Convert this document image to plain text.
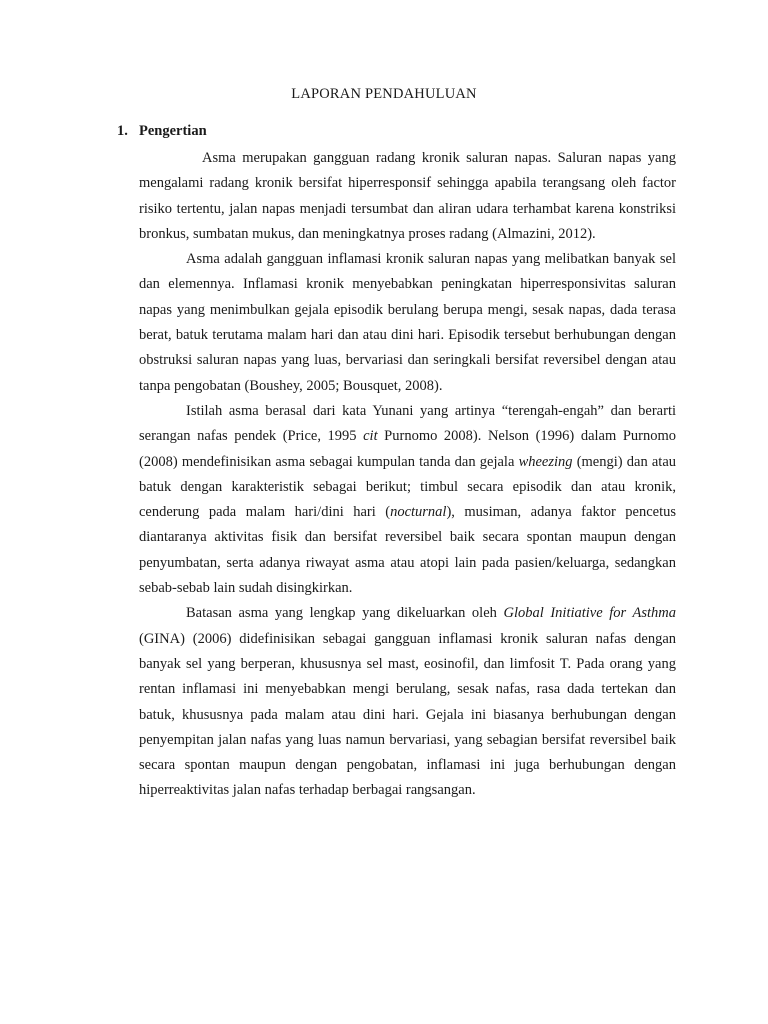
LAPORAN PENDAHULUAN
1. Pengertian

Asma merupakan gangguan radang kronik saluran napas. Saluran napas yang mengalami radang kronik bersifat hiperresponsif sehingga apabila terangsang oleh factor risiko tertentu, jalan napas menjadi tersumbat dan aliran udara terhambat karena konstriksi bronkus, sumbatan mukus, dan meningkatnya proses radang (Almazini, 2012).

Asma adalah gangguan inflamasi kronik saluran napas yang melibatkan banyak sel dan elemennya. Inflamasi kronik menyebabkan peningkatan hiperresponsivitas saluran napas yang menimbulkan gejala episodik berulang berupa mengi, sesak napas, dada terasa berat, batuk terutama malam hari dan atau dini hari. Episodik tersebut berhubungan dengan obstruksi saluran napas yang luas, bervariasi dan seringkali bersifat reversibel dengan atau tanpa pengobatan (Boushey, 2005; Bousquet, 2008).

Istilah asma berasal dari kata Yunani yang artinya “terengah-engah” dan berarti serangan nafas pendek (Price, 1995 cit Purnomo 2008). Nelson (1996) dalam Purnomo (2008) mendefinisikan asma sebagai kumpulan tanda dan gejala wheezing (mengi) dan atau batuk dengan karakteristik sebagai berikut; timbul secara episodik dan atau kronik, cenderung pada malam hari/dini hari (nocturnal), musiman, adanya faktor pencetus diantaranya aktivitas fisik dan bersifat reversibel baik secara spontan maupun dengan penyumbatan, serta adanya riwayat asma atau atopi lain pada pasien/keluarga, sedangkan sebab-sebab lain sudah disingkirkan.

Batasan asma yang lengkap yang dikeluarkan oleh Global Initiative for Asthma (GINA) (2006) didefinisikan sebagai gangguan inflamasi kronik saluran nafas dengan banyak sel yang berperan, khususnya sel mast, eosinofil, dan limfosit T. Pada orang yang rentan inflamasi ini menyebabkan mengi berulang, sesak nafas, rasa dada tertekan dan batuk, khususnya pada malam atau dini hari. Gejala ini biasanya berhubungan dengan penyempitan jalan nafas yang luas namun bervariasi, yang sebagian bersifat reversibel baik secara spontan maupun dengan pengobatan, inflamasi ini juga berhubungan dengan hiperreaktivitas jalan nafas terhadap berbagai rangsangan.
